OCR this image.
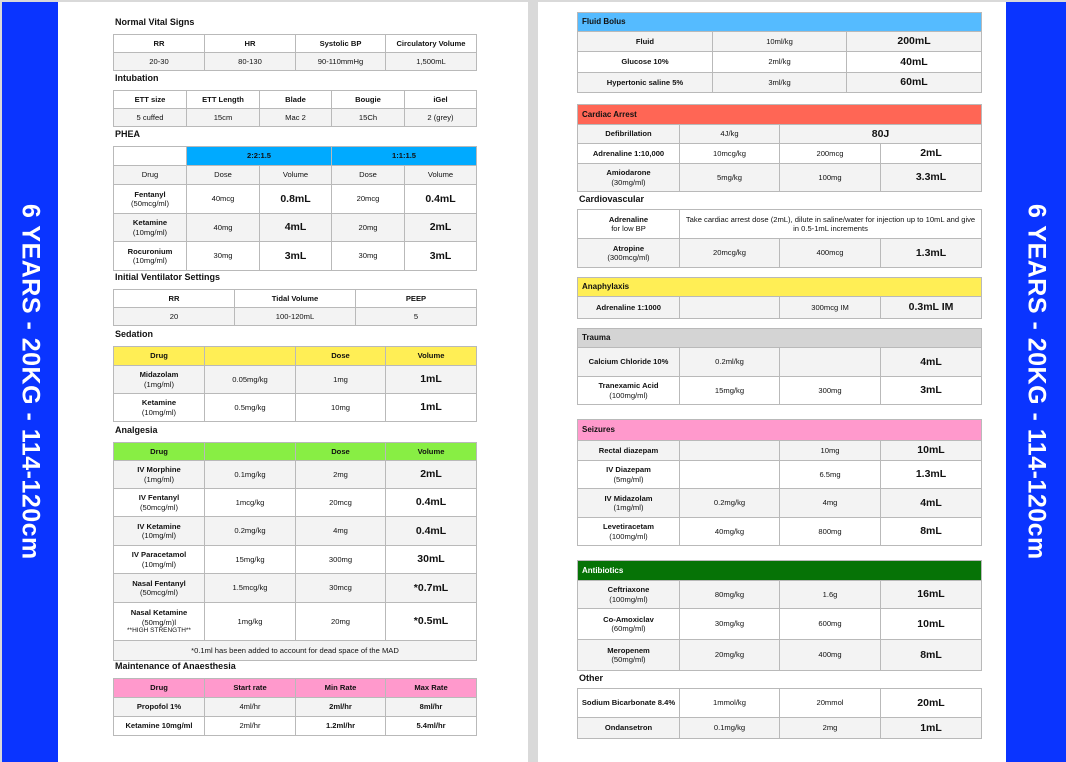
6 YEARS - 20KG - 114-120cm	6 YEARS - 20KG - 114-120cm
Normal Vital Signs
RR	HR	Systolic BP	Circulatory Volume
20-30	80-130	90-110mmHg	1,500mL
Intubation
ETT size	ETT Length	Blade	Bougie	iGel
5 cuffed	15cm	Mac 2	15Ch	2 (grey)
PHEA
	2:2:1.5		1:1:1.5	
Drug	Dose	Volume	Dose	Volume
Fentanyl
(50mcg/ml)	40mcg	0.8mL	20mcg	0.4mL
Ketamine
(10mg/ml)	40mg	4mL	20mg	2mL
Rocuronium
(10mg/ml)	30mg	3mL	30mg	3mL
Initial Ventilator Settings
RR	Tidal Volume	PEEP
20	100-120mL	5
Sedation
Drug		Dose	Volume
Midazolam
(1mg/ml)	0.05mg/kg	1mg	1mL
Ketamine
(10mg/ml)	0.5mg/kg	10mg	1mL
Analgesia
Drug		Dose	Volume
IV Morphine
(1mg/ml)	0.1mg/kg	2mg	2mL
IV Fentanyl
(50mcg/ml)	1mcg/kg	20mcg	0.4mL
IV Ketamine
(10mg/ml)	0.2mg/kg	4mg	0.4mL
IV Paracetamol
(10mg/ml)	15mg/kg	300mg	30mL
Nasal Fentanyl
(50mcg/ml)	1.5mcg/kg	30mcg	*0.7mL
Nasal Ketamine
(50mg/m)l
**HIGH STRENGTH**	1mg/kg	20mg	*0.5mL
*0.1ml has been added to account for dead space of the MAD			
Maintenance of Anaesthesia
Drug	Start rate	Min Rate	Max Rate
Propofol 1%	4ml/hr	2ml/hr	8ml/hr
Ketamine 10mg/ml	2ml/hr	1.2ml/hr	5.4ml/hr
Fluid Bolus		
Fluid	10ml/kg	200mL
Glucose 10%	2ml/kg	40mL
Hypertonic saline 5%	3ml/kg	60mL
Cardiac Arrest			
Defibrillation	4J/kg	80J	
Adrenaline 1:10,000	10mcg/kg	200mcg	2mL
Amiodarone
(30mg/ml)	5mg/kg	100mg	3.3mL
Cardiovascular
Adrenaline
for low BP	Take cardiac arrest dose (2mL), dilute in saline/water for injection up to 10mL and give in 0.5-1mL increments		
Atropine
(300mcg/ml)	20mcg/kg	400mcg	1.3mL
Anaphylaxis
Adrenaline 1:1000		300mcg IM	0.3mL IM
Trauma			
Calcium Chloride 10%	0.2ml/kg		4mL
Tranexamic Acid
(100mg/ml)	15mg/kg	300mg	3mL
Seizures			
Rectal diazepam		10mg	10mL
IV Diazepam
(5mg/ml)		6.5mg	1.3mL
IV Midazolam
(1mg/ml)	0.2mg/kg	4mg	4mL
Levetiracetam
(100mg/ml)	40mg/kg	800mg	8mL
Antibiotics			
Ceftriaxone
(100mg/ml)	80mg/kg	1.6g	16mL
Co-Amoxiclav
(60mg/ml)	30mg/kg	600mg	10mL
Meropenem
(50mg/ml)	20mg/kg	400mg	8mL
Other
Sodium Bicarbonate 8.4%	1mmol/kg	20mmol	20mL
Ondansetron	0.1mg/kg	2mg	1mL
